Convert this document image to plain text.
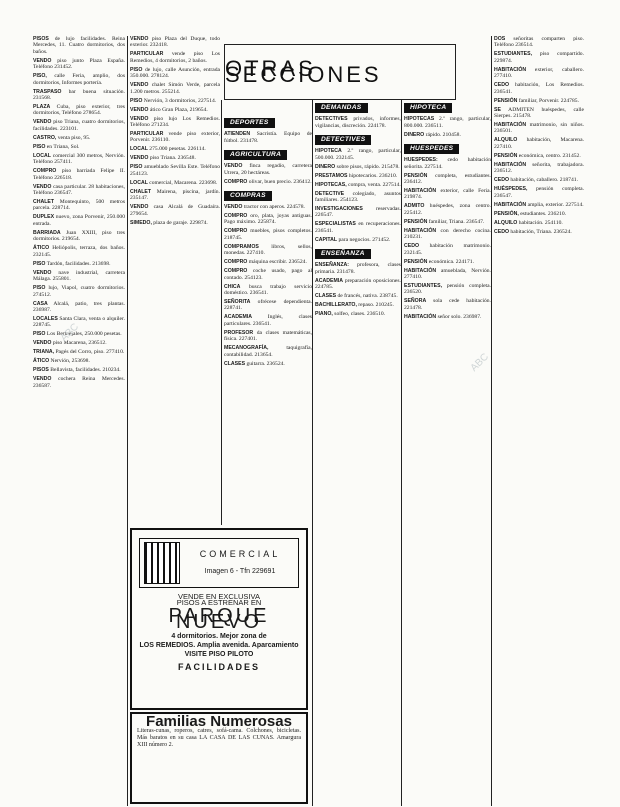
OTRAS SECCIONES

PISOS de lujo facilidades. Reina Mercedes, 11. Cuatro dormitorios, dos baños.

VENDO piso junto Plaza España. Teléfono 231452.

PISO, calle Feria, amplio, dos dormitorios, Informes portería.

TRASPASO bar buena situación. 231568.

PLAZA Cuba, piso exterior, tres dormitorios, Teléfono 278654.

VENDO piso Triana, cuatro dormitorios, facilidades. 223101.

CASTRO, venta piso, 95.

PISO en Triana, Sol.

LOCAL comercial 300 metros, Nervión. Teléfono 257411.

COMPRO piso barriada Felipe II. Teléfono 226518.

VENDO casa particular. 28 habitaciones, Teléfono 236547.

CHALET Montequinto, 500 metros parcela. 228714.

DUPLEX nuevo, zona Porvenir, 250.000 entrada.

BARRIADA Juan XXIII, piso tres dormitorios. 219654.

ÁTICO Heliópolis, terraza, dos baños. 232145.

PISO Tardón, facilidades. 213698.

VENDO nave industrial, carretera Málaga. 255801.

PISO lujo, Viapol, cuatro dormitorios. 274512.

CASA Alcalá, patio, tres plantas. 236987.

LOCALES Santa Clara, venta o alquiler. 228745.

PISO Los Bermejales, 250.000 pesetas.

VENDO piso Macarena, 236512.

TRIANA, Pagés del Corro, piso. 277410.

ÁTICO Nervión, 253698.

PISOS Bellavista, facilidades. 210234.

VENDO cochera Reina Mercedes. 236587.

VENDO piso Plaza del Duque, todo exterior. 232418.

PARTICULAR vende piso Los Remedios, 4 dormitorios, 2 baños.

PISO de lujo, calle Asunción, entrada 350.000. 278124.

VENDO chalet Simón Verde, parcela 1.200 metros. 255214.

PISO Nervión, 3 dormitorios, 227514.

VENDO ático Gran Plaza, 219654.

VENDO piso lujo Los Remedios. Teléfono 271234.

PARTICULAR vende piso exterior, Porvenir. 236110.

LOCAL 275.000 pesetas. 226114.

VENDO piso Triana. 236548.

PISO amueblado Sevilla Este. Teléfono 254123.

LOCAL comercial, Macarena. 223698.

CHALET Mairena, piscina, jardín. 235147.

VENDO casa Alcalá de Guadaíra. 279654.

SIMEDO, plaza de garaje. 229874.

DEPORTES

ATIENDEN Sacristía. Equipo de fútbol. 231478.

AGRICULTURA

VENDO finca regadío, carretera Utrera, 20 hectáreas.

COMPRO olivar, buen precio. 236412.

COMPRAS

VENDO tractor con aperos. 224578.

COMPRO oro, plata, joyas antiguas. Pago máximo. 225874.

COMPRO muebles, pisos completos. 218745.

COMPRAMOS libros, sellos, monedas. 227410.

COMPRO máquina escribir. 236524.

COMPRO coche usado, pago al contado. 254123.

CHICA busca trabajo servicio doméstico. 236541.

SEÑORITA ofrécese dependienta. 228741.

ACADEMIA Inglés, clases particulares. 236541.

PROFESOR da clases matemáticas, física. 227401.

MECANOGRAFÍA, taquigrafía, contabilidad. 213654.

CLASES guitarra. 236524.

DEMANDAS

DETECTIVES privados, informes, vigilancias, discreción. 224178.

DETECTIVES

HIPOTECA 2.º rango, particular, 500.000. 232145.

DINERO sobre pisos, rápido. 215478.

PRESTAMOS hipotecarios. 236210.

HIPOTECAS, compra, venta. 227514.

DETECTIVE colegiado, asuntos familiares. 254123.

INVESTIGACIONES reservadas. 226547.

ESPECIALISTAS en recuperaciones. 236541.

CAPITAL para negocios. 271452.

ENSEÑANZA

ENSEÑANZA: profesora, clases primaria. 231478.

ACADEMIA preparación oposiciones. 224785.

CLASES de francés, nativa. 238745.

BACHILLERATO, repaso. 210245.

PIANO, solfeo, clases. 236510.

HIPOTECA

HIPOTECAS 2.º rango, particular, 800.000. 236511.

DINERO rápido. 210458.

HUESPEDES

HUESPEDES: cedo habitación señorita. 227514.

PENSIÓN completa, estudiantes. 236412.

HABITACIÓN exterior, calle Feria. 219874.

ADMITO huéspedes, zona centro. 225412.

PENSIÓN familiar, Triana. 236547.

HABITACIÓN con derecho cocina. 210231.

CEDO habitación matrimonio. 232145.

PENSIÓN económica. 224171.

HABITACIÓN amueblada, Nervión. 277410.

ESTUDIANTES, pensión completa. 236520.

SEÑORA sola cede habitación. 221478.

HABITACIÓN señor solo. 236987.

DOS señoritas comparten piso. Teléfono 236514.

ESTUDIANTES, piso compartido. 229874.

HABITACIÓN exterior, caballero. 277410.

CEDO habitación, Los Remedios. 236541.

PENSIÓN familiar, Porvenir. 224785.

SE ADMITEN huéspedes, calle Sierpes. 215478.

HABITACIÓN matrimonio, sin niños. 236501.

ALQUILO habitación, Macarena. 227410.

PENSIÓN económica, centro. 231452.

HABITACIÓN señorita, trabajadora. 236512.

CEDO habitación, caballero. 218741.

HUÉSPEDES, pensión completa. 236547.

HABITACIÓN amplia, exterior. 227514.

PENSIÓN, estudiantes. 236210.

ALQUILO habitación. 254110.

CEDO habitación, Triana. 236524.

COMERCIAL
Imagen 6 - Tfn 229691
VENDE EN EXCLUSIVA
PISOS A ESTRENAR EN
PARQUE NUEVO
4 dormitorios. Mejor zona de
LOS REMEDIOS. Amplia avenida. Aparcamiento
VISITE PISO PILOTO
FACILIDADES
Familias Numerosas
Literas-cunas, roperos, catres, sofá-cama. Colchones, bicicletas. Más baratos en su casa LA CASA DE LAS CUNAS. Amargura XIII número 2.
ABC
ABC
